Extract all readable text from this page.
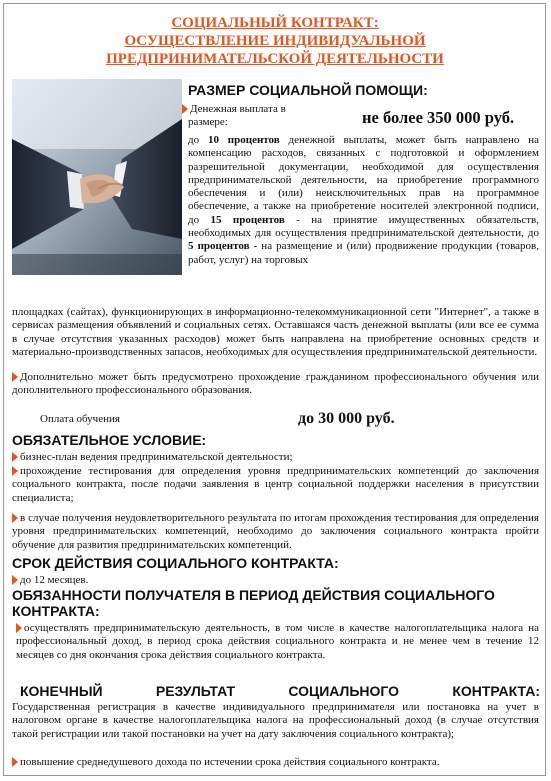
СОЦИАЛЬНЫЙ КОНТРАКТ:
ОСУЩЕСТВЛЕНИЕ ИНДИВИДУАЛЬНОЙ
ПРЕДПРИНИМАТЕЛЬСКОЙ ДЕЯТЕЛЬНОСТИ
РАЗМЕР СОЦИАЛЬНОЙ ПОМОЩИ:
Денежная выплата в
размере:	не более 350 000 руб.
до 10 процентов денежной выплаты, может быть направлено на компенсацию расходов, связанных с подготовкой и оформлением разрешительной документации, необходимой для осуществления предпринимательской деятельности, на приобретение программного обеспечения и (или) неисключительных прав на программное обеспечение, а также на приобретение носителей электронной подписи, до 15 процентов - на принятие имущественных обязательств, необходимых для осуществления предпринимательской деятельности, до 5 процентов - на размещение и (или) продвижение продукции (товаров, работ, услуг) на торговых
площадках (сайтах), функционирующих в информационно-телекоммуникационной сети "Интернет", а также в сервисах размещения объявлений и социальных сетях. Оставшаяся часть денежной выплаты (или все ее сумма в случае отсутствия указанных расходов) может быть направлена на приобретение основных средств и материально-производственных запасов, необходимых для осуществления предпринимательской деятельности.
Дополнительно может быть предусмотрено прохождение гражданином профессионального обучения или дополнительного профессионального образования.
Оплата обучения	до 30 000 руб.
ОБЯЗАТЕЛЬНОЕ УСЛОВИЕ:
бизнес-план ведения предпринимательской деятельности;
прохождение тестирования для определения уровня предпринимательских компетенций до заключения социального контракта, после подачи заявления в центр социальной поддержки населения в присутствии специалиста;
в случае получения неудовлетворительного результата по итогам прохождения тестирования для определения уровня предпринимательских компетенций, необходимо до заключения социального контракта пройти обучение для развития предпринимательских компетенций.
СРОК ДЕЙСТВИЯ СОЦИАЛЬНОГО КОНТРАКТА:
до 12 месяцев.
ОБЯЗАННОСТИ ПОЛУЧАТЕЛЯ В ПЕРИОД ДЕЙСТВИЯ СОЦИАЛЬНОГО
КОНТРАКТА:
осуществлять предпринимательскую деятельность, в том числе в качестве налогоплательщика налога на профессиональный доход, в период срока действия социального контракта и не менее чем в течение 12 месяцев со дня окончания срока действия социального контракта.
КОНЕЧНЫЙ РЕЗУЛЬТАТ СОЦИАЛЬНОГО КОНТРАКТА:
Государственная регистрация в качестве индивидуального предпринимателя или постановка на учет в налоговом органе в качестве налогоплательщика налога на профессиональный доход (в случае отсутствия такой регистрации или такой постановки на учет на дату заключения социального контракта);
повышение среднедушевого дохода по истечении срока действия социального контракта.
